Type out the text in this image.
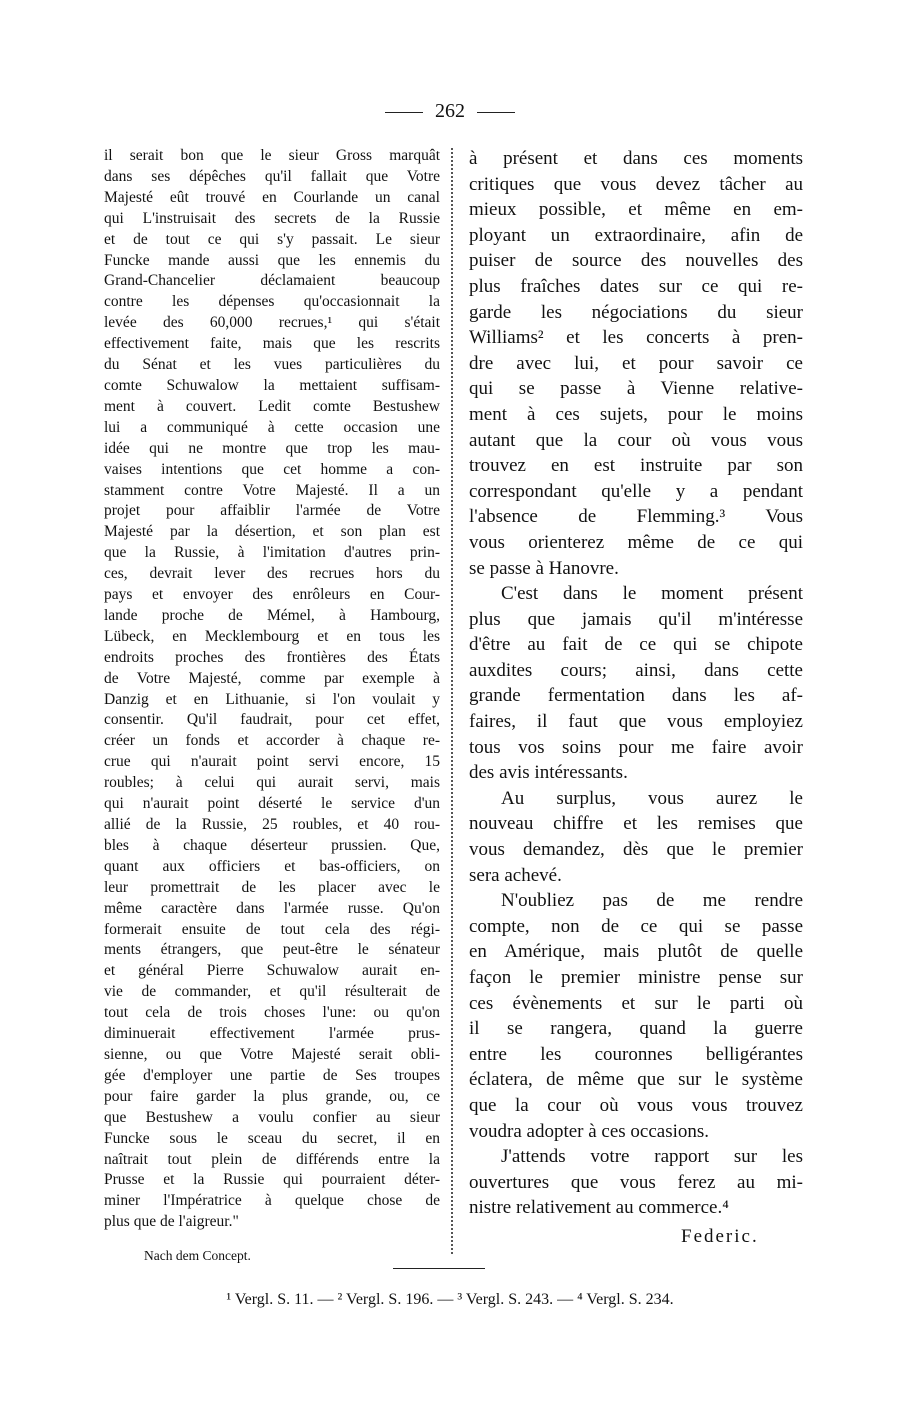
262
il serait bon que le sieur Gross marquât
dans ses dépêches qu'il fallait que Votre
Majesté eût trouvé en Courlande un canal
qui L'instruisait des secrets de la Russie
et de tout ce qui s'y passait. Le sieur
Funcke mande aussi que les ennemis du
Grand-Chancelier déclamaient beaucoup
contre les dépenses qu'occasionnait la
levée des 60,000 recrues,¹ qui s'était
effectivement faite, mais que les rescrits
du Sénat et les vues particulières du
comte Schuwalow la mettaient suffisam-
ment à couvert. Ledit comte Bestushew
lui a communiqué à cette occasion une
idée qui ne montre que trop les mau-
vaises intentions que cet homme a con-
stamment contre Votre Majesté. Il a un
projet pour affaiblir l'armée de Votre
Majesté par la désertion, et son plan est
que la Russie, à l'imitation d'autres prin-
ces, devrait lever des recrues hors du
pays et envoyer des enrôleurs en Cour-
lande proche de Mémel, à Hambourg,
Lübeck, en Mecklembourg et en tous les
endroits proches des frontières des États
de Votre Majesté, comme par exemple à
Danzig et en Lithuanie, si l'on voulait y
consentir. Qu'il faudrait, pour cet effet,
créer un fonds et accorder à chaque re-
crue qui n'aurait point servi encore, 15
roubles; à celui qui aurait servi, mais
qui n'aurait point déserté le service d'un
allié de la Russie, 25 roubles, et 40 rou-
bles à chaque déserteur prussien. Que,
quant aux officiers et bas-officiers, on
leur promettrait de les placer avec le
même caractère dans l'armée russe. Qu'on
formerait ensuite de tout cela des régi-
ments étrangers, que peut-être le sénateur
et général Pierre Schuwalow aurait en-
vie de commander, et qu'il résulterait de
tout cela de trois choses l'une: ou qu'on
diminuerait effectivement l'armée prus-
sienne, ou que Votre Majesté serait obli-
gée d'employer une partie de Ses troupes
pour faire garder la plus grande, ou, ce
que Bestushew a voulu confier au sieur
Funcke sous le sceau du secret, il en
naîtrait tout plein de différends entre la
Prusse et la Russie qui pourraient déter-
miner l'Impératrice à quelque chose de
plus que de l'aigreur."
à présent et dans ces moments
critiques que vous devez tâcher au
mieux possible, et même en em-
ployant un extraordinaire, afin de
puiser de source des nouvelles des
plus fraîches dates sur ce qui re-
garde les négociations du sieur
Williams² et les concerts à pren-
dre avec lui, et pour savoir ce
qui se passe à Vienne relative-
ment à ces sujets, pour le moins
autant que la cour où vous vous
trouvez en est instruite par son
correspondant qu'elle y a pendant
l'absence de Flemming.³ Vous
vous orienterez même de ce qui
se passe à Hanovre.
C'est dans le moment présent
plus que jamais qu'il m'intéresse
d'être au fait de ce qui se chipote
auxdites cours; ainsi, dans cette
grande fermentation dans les af-
faires, il faut que vous employiez
tous vos soins pour me faire avoir
des avis intéressants.
Au surplus, vous aurez le
nouveau chiffre et les remises que
vous demandez, dès que le premier
sera achevé.
N'oubliez pas de me rendre
compte, non de ce qui se passe
en Amérique, mais plutôt de quelle
façon le premier ministre pense sur
ces évènements et sur le parti où
il se rangera, quand la guerre
entre les couronnes belligérantes
éclatera, de même que sur le système
que la cour où vous vous trouvez
voudra adopter à ces occasions.
J'attends votre rapport sur les
ouvertures que vous ferez au mi-
nistre relativement au commerce.⁴
Nach dem Concept.
Federic.
¹ Vergl. S. 11. — ² Vergl. S. 196. — ³ Vergl. S. 243. — ⁴ Vergl. S. 234.
